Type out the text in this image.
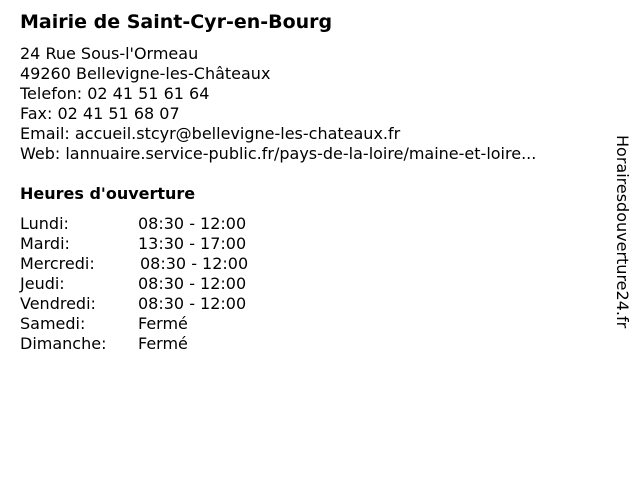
Mairie de Saint-Cyr-en-Bourg
24 Rue Sous-l'Ormeau
49260 Bellevigne-les-Châteaux
Telefon: 02 41 51 61 64
Fax: 02 41 51 68 07
Email: accueil.stcyr@bellevigne-les-chateaux.fr
Web: lannuaire.service-public.fr/pays-de-la-loire/maine-et-loire...
Heures d'ouverture
Lundi:	08:30 - 12:00
Mardi:	13:30 - 17:00
Mercredi:	08:30 - 12:00
Jeudi:	08:30 - 12:00
Vendredi:	08:30 - 12:00
Samedi:	Fermé
Dimanche: Fermé
Horairesdouverture24.fr
